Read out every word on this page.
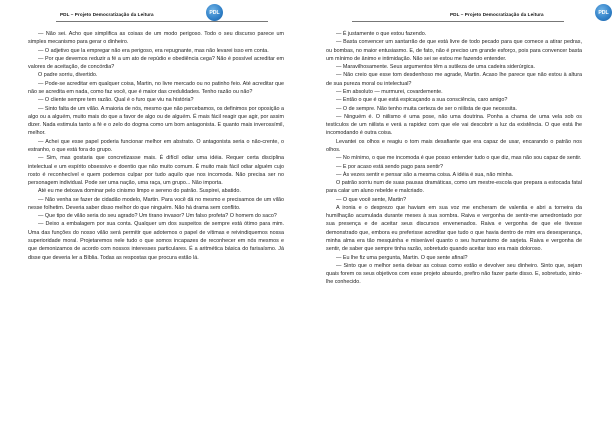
PDL – Projeto Democratização da Leitura	PDL

— Não sei. Acho que simplifica as coisas de um modo perigoso. Todo o seu discurso parece um simples mecanismo para gerar o dinheiro.

— O adjetivo que la empregar não era perigoso, era repugnante, mas não levarei isso em conta.

— Por que devemos reduzir a fé a um ato de repúdio e obediência cega? Não é possível acreditar em valores de aceitação, de concórdia?

O padre sorriu, divertido.

— Pode-se acreditar em qualquer coisa, Martin, no livre mercado ou no patinho feio. Até acreditar que não se acredita em nada, como faz você, que é maior das credulidades. Tenho razão ou não?

— O cliente sempre tem razão. Qual é o furo que viu na história?

— Sinto falta de um vilão. A maioria de nós, mesmo que não percebamos, os definimos por oposição a algo ou a alguém, muito mais do que a favor de algo ou de alguém. É mais fácil reagir que agir, por assim dizer. Nada estimula tanto a fé e o zelo do dogma como um bom antagonista. E quanto mais inverossímil, melhor.

— Achei que esse papel poderia funcionar melhor em abstrato. O antagonista seria o não-crente, o estranho, o que está fora do grupo.

— Sim, mas gostaria que concretizasse mais. É difícil odiar uma idéia. Requer certa disciplina intelectual e um espírito obsessivo e doentio que não muito comum. É muito mais fácil odiar alguém cujo rosto é reconhecível e quem podemos culpar por tudo aquilo que nos incomoda. Não precisa ser no personagem individual. Pode ser uma nação, uma raça, um grupo... Não importa.

Até eu me deixava dominar pelo cinismo limpo e sereno do patrão. Suspirei, abatido.

— Não venha se fazer de cidadão modelo, Martin. Para você dá no mesmo e precisamos de um vilão nesse folhetim. Deveria saber disso melhor do que ninguém. Não há drama sem conflito.

— Que tipo de vilão seria do seu agrado? Um tirano invasor? Um falso profeta? O homem do saco?

— Deixo a embalagem por sua conta. Qualquer um dos suspeitos de sempre está ótimo para mim. Uma das funções do nosso vilão será permitir que adotemos o papel de vítimas e reivindiquemos nossa superioridade moral. Projetaremos nele tudo o que somos incapazes de reconhecer em nós mesmos e que demonizamos de acordo com nossos interesses particulares. É a aritmética básica do farisaísmo. Já disse que deveria ler a Bíblia. Todas as respostas que procura estão lá.

PDL – Projeto Democratização da Leitura	PDL

— É justamente o que estou fazendo.

— Basta convencer um santarrão de que está livre de todo pecado para que comece a atirar pedras, ou bombas, no maior entusiasmo. E, de fato, não é preciso um grande esforço, pois para convencer basta um mínimo de ânimo e intimidação. Não sei se estou me fazendo entender.

— Maravilhosamente. Seus argumentos têm a sutileza de uma cadeira siderúrgica.

— Não creio que esse tom desdenhoso me agrade, Martin. Acaso lhe parece que não estou à altura de sua pureza moral ou intelectual?

— Em absoluto — murmurei, covardemente.

— Então o que é que está espicaçando a sua consciência, caro amigo?

— O de sempre. Não tenho muita certeza de ser o niilista de que necessita.

— Ninguém é. O niilismo é uma pose, não uma doutrina. Ponha a chama de uma vela sob os testículos de um niilista e verá a rapidez com que ele vai descobrir a luz da existência. O que está lhe incomodando é outra coisa.

Levantei os olhos e reagiu o tom mais desafiante que era capaz de usar, encarando o patrão nos olhos.

— No mínimo, o que me incomoda é que posso entender tudo o que diz, mas não sou capaz de sentir.

— E por acaso está sendo pago para sentir?

— Às vezes sentir e pensar são a mesma coisa. A idéia é sua, não minha.

O patrão sorriu num de suas pausas dramáticas, como um mestre-escola que prepara a estocada fatal para calar um aluno rebelde e malcriado.

— O que você sente, Martin?

A ironia e o desprezo que haviam em sua voz me encheram de valentia e abri a torneira da humilhação acumulada durante meses à sua sombra. Raiva e vergonha de sentir-me amedrontado por sua presença e de aceitar seus discursos envenenados. Raiva e vergonha de que ele tivesse demonstrado que, embora eu preferisse acreditar que tudo o que havia dentro de mim era desesperança, minha alma era tão mesquinha e miserável quanto o seu humanismo de sarjeta. Raiva e vergonha de sentir, de saber que sempre tinha razão, sobretudo quando aceitar isso era mais doloroso.

— Eu lhe fiz uma pergunta, Martin. O que sente afinal?

— Sinto que o melhor seria deixar as coisas como estão e devolver seu dinheiro. Sinto que, sejam quais forem os seus objetivos com esse projeto absurdo, prefiro não fazer parte disso. E, sobretudo, sinto-lhe conhecido.
